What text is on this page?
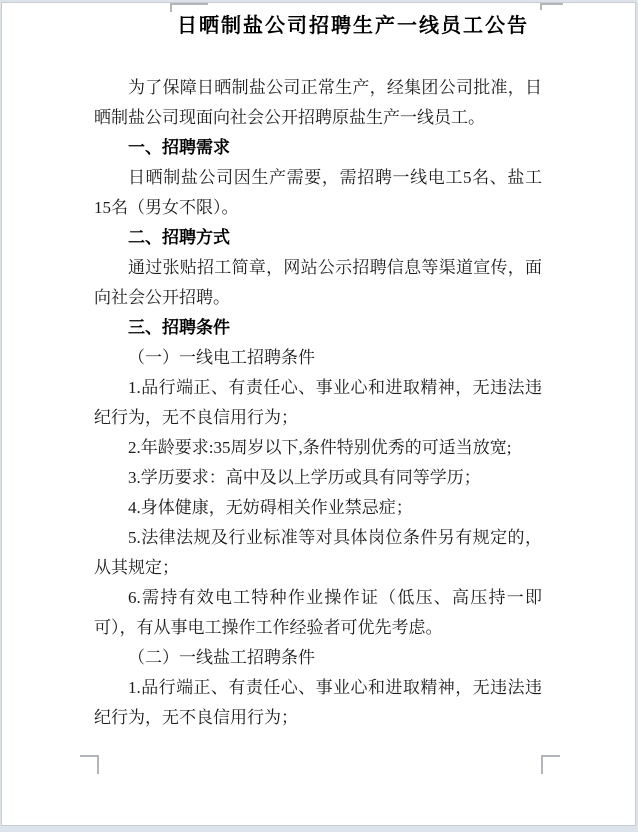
日晒制盐公司招聘生产一线员工公告
为了保障日晒制盐公司正常生产，经集团公司批准，日晒制盐公司现面向社会公开招聘原盐生产一线员工。
一、招聘需求
日晒制盐公司因生产需要，需招聘一线电工5名、盐工15名（男女不限）。
二、招聘方式
通过张贴招工简章，网站公示招聘信息等渠道宣传，面向社会公开招聘。
三、招聘条件
（一）一线电工招聘条件
1.品行端正、有责任心、事业心和进取精神，无违法违纪行为，无不良信用行为；
2.年龄要求:35周岁以下,条件特别优秀的可适当放宽;
3.学历要求：高中及以上学历或具有同等学历；
4.身体健康，无妨碍相关作业禁忌症；
5.法律法规及行业标准等对具体岗位条件另有规定的，从其规定；
6.需持有效电工特种作业操作证（低压、高压持一即可），有从事电工操作工作经验者可优先考虑。
（二）一线盐工招聘条件
1.品行端正、有责任心、事业心和进取精神，无违法违纪行为，无不良信用行为；
